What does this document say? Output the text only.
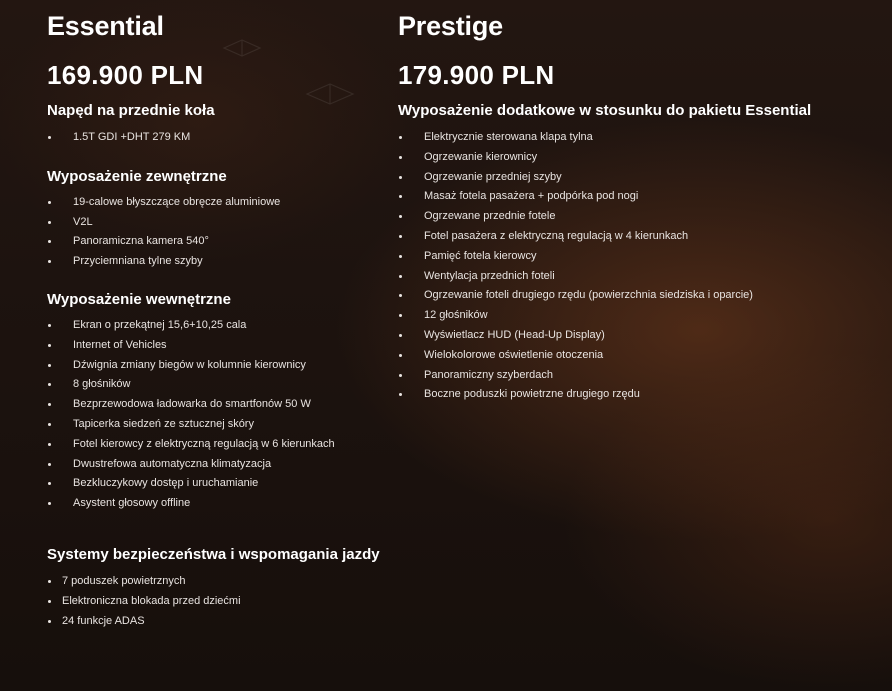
Essential
169.900 PLN
Napęd na przednie koła
1.5T GDI +DHT 279 KM
Wyposażenie zewnętrzne
19-calowe błyszczące obręcze aluminiowe
V2L
Panoramiczna kamera 540°
Przyciemniana tylne szyby
Wyposażenie wewnętrzne
Ekran o przekątnej 15,6+10,25 cala
Internet of Vehicles
Dźwignia zmiany biegów w kolumnie kierownicy
8 głośników
Bezprzewodowa ładowarka do smartfonów 50 W
Tapicerka siedzeń ze sztucznej skóry
Fotel kierowcy z elektryczną regulacją w 6 kierunkach
Dwustrefowa automatyczna klimatyzacja
Bezkluczykowy dostęp i uruchamianie
Asystent głosowy offline
Prestige
179.900 PLN
Wyposażenie dodatkowe w stosunku do pakietu Essential
Elektrycznie sterowana klapa tylna
Ogrzewanie kierownicy
Ogrzewanie przedniej szyby
Masaż fotela pasażera + podpórka pod nogi
Ogrzewane przednie fotele
Fotel pasażera z elektryczną regulacją w 4 kierunkach
Pamięć fotela kierowcy
Wentylacja przednich foteli
Ogrzewanie foteli drugiego rzędu (powierzchnia siedziska i oparcie)
12 głośników
Wyświetlacz HUD (Head-Up Display)
Wielokolorowe oświetlenie otoczenia
Panoramiczny szyberdach
Boczne poduszki powietrzne drugiego rzędu
Systemy bezpieczeństwa i wspomagania jazdy
7 poduszek powietrznych
Elektroniczna blokada przed dziećmi
24 funkcje ADAS
